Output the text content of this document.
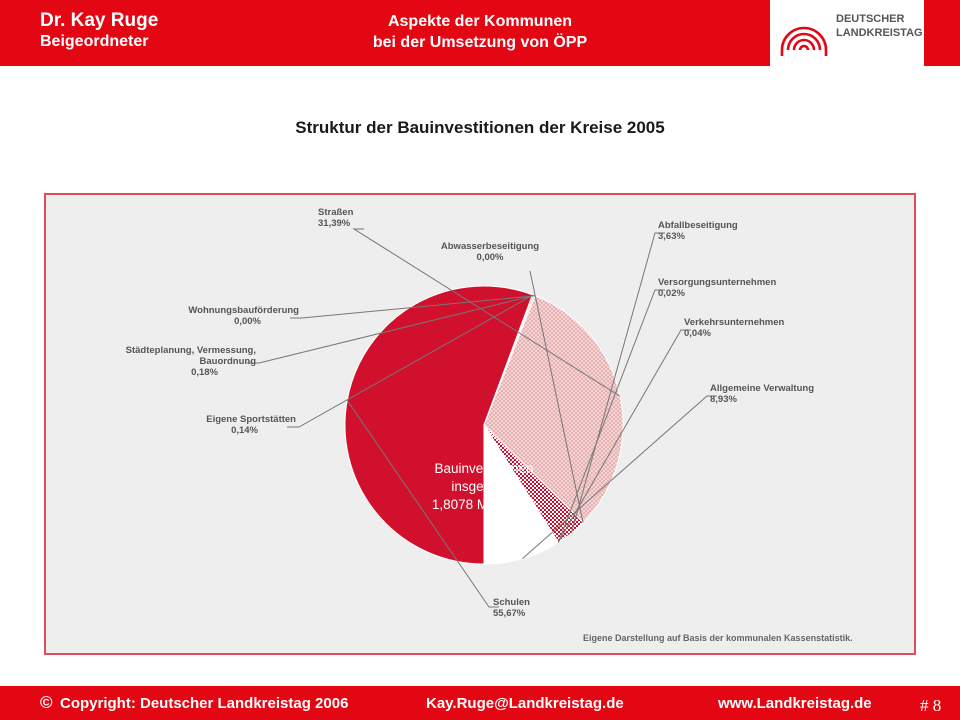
Dr. Kay Ruge
Beigeordneter
Aspekte der Kommunen
bei der Umsetzung von ÖPP
DEUTSCHER
LANDKREISTAG
Struktur der Bauinvestitionen der Kreise 2005
Schulen 55,67%
Eigene Sportstätten 0,14%
Städteplanung, Vermessung, Bauordnung 0,18%
Wohnungsbauförderung 0,00%
Straßen 31,39%
Abwasserbeseitigung 0,00%
Abfallbeseitigung 3,63%
Versorgungsunternehmen 0,02%
Verkehrsunternehmen 0,04%
Allgemeine Verwaltung 8,93%
Bauinvestitionen
insgesamt:
1,8078 Mrd. Euro
Eigene Darstellung auf Basis der kommunalen Kassenstatistik.
© Copyright: Deutscher Landkreistag 2006	Kay.Ruge@Landkreistag.de	www.Landkreistag.de	# 8
